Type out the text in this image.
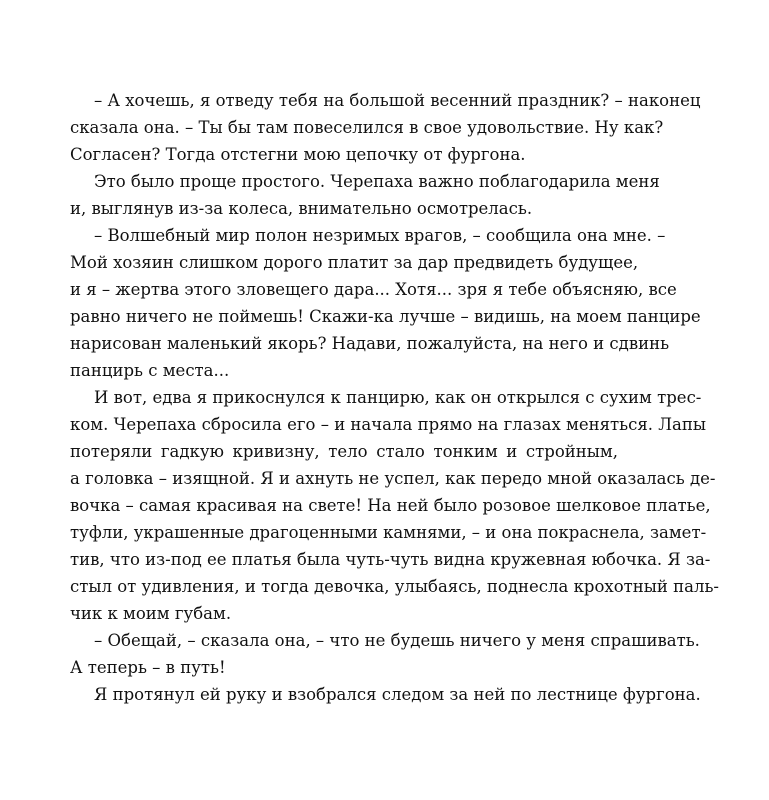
– А хочешь, я отведу тебя на большой весенний праздник? – наконец
сказала она. – Ты бы там повеселился в свое удовольствие. Ну как?
Согласен? Тогда отстегни мою цепочку от фургона.
Это было проще простого. Черепаха важно поблагодарила меня
и, выглянув из-за колеса, внимательно осмотрелась.
– Волшебный мир полон незримых врагов, – сообщила она мне. –
Мой хозяин слишком дорого платит за дар предвидеть будущее,
и я – жертва этого зловещего дара... Хотя... зря я тебе объясняю, все
равно ничего не поймешь! Скажи-ка лучше – видишь, на моем панцире
нарисован маленький якорь? Надави, пожалуйста, на него и сдвинь
панцирь с места...
И вот, едва я прикоснулся к панцирю, как он открылся с сухим трес-
ком. Черепаха сбросила его – и начала прямо на глазах меняться. Лапы
потеряли гадкую кривизну, тело стало тонким и стройным,
а головка – изящной. Я и ахнуть не успел, как передо мной оказалась де-
вочка – самая красивая на свете! На ней было розовое шелковое платье,
туфли, украшенные драгоценными камнями, – и она покраснела, замет-
тив, что из-под ее платья была чуть-чуть видна кружевная юбочка. Я за-
стыл от удивления, и тогда девочка, улыбаясь, поднесла крохотный паль-
чик к моим губам.
– Обещай, – сказала она, – что не будешь ничего у меня спрашивать.
А теперь – в путь!
Я протянул ей руку и взобрался следом за ней по лестнице фургона.
